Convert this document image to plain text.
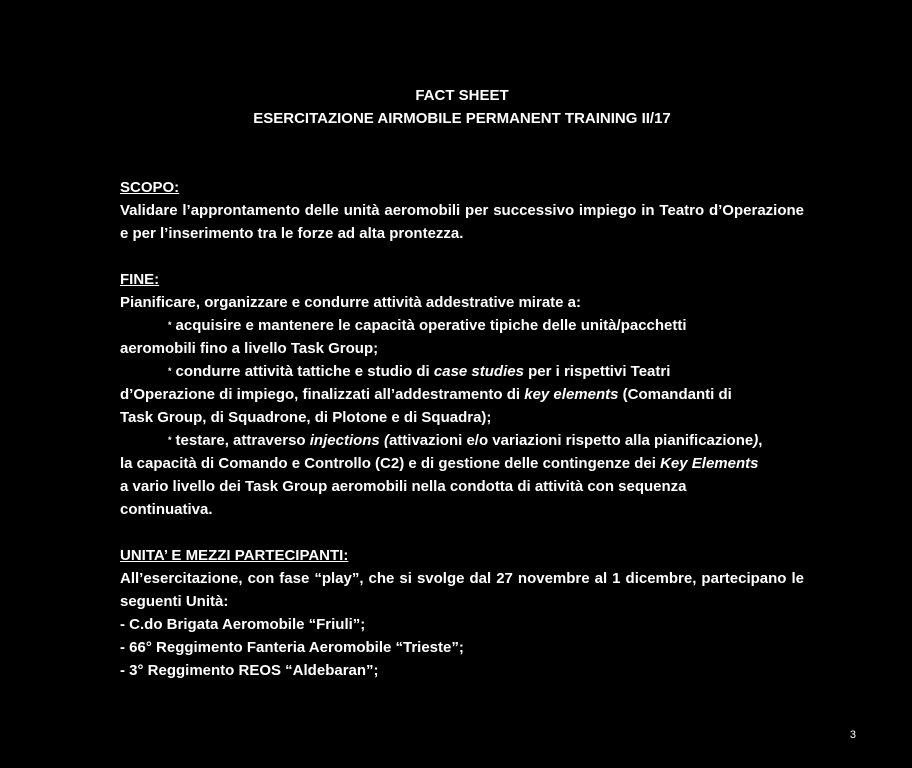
FACT SHEET

ESERCITAZIONE AIRMOBILE PERMANENT TRAINING II/17

SCOPO:

Validare l’approntamento delle unità aeromobili per successivo impiego in Teatro d’Operazione e per l’inserimento tra le forze ad alta prontezza.

FINE:

Pianificare, organizzare e condurre attività addestrative mirate a:

* acquisire e mantenere le capacità operative tipiche delle unità/pacchetti

aeromobili fino a livello Task Group;

* condurre attività tattiche e studio di case studies per i rispettivi Teatri

d’Operazione di impiego, finalizzati all’addestramento di key elements (Comandanti di

Task Group, di Squadrone, di Plotone e di Squadra);

* testare, attraverso injections (attivazioni e/o variazioni rispetto alla pianificazione),

la capacità di Comando e Controllo (C2) e di gestione delle contingenze dei Key Elements

a vario livello dei Task Group aeromobili nella condotta di attività con sequenza

continuativa.

UNITA’ E MEZZI PARTECIPANTI:

All’esercitazione, con fase “play”, che si svolge dal 27 novembre al 1 dicembre, partecipano le seguenti Unità:

- C.do Brigata Aeromobile “Friuli”;

- 66° Reggimento Fanteria Aeromobile “Trieste”;

- 3° Reggimento REOS “Aldebaran”;

3
